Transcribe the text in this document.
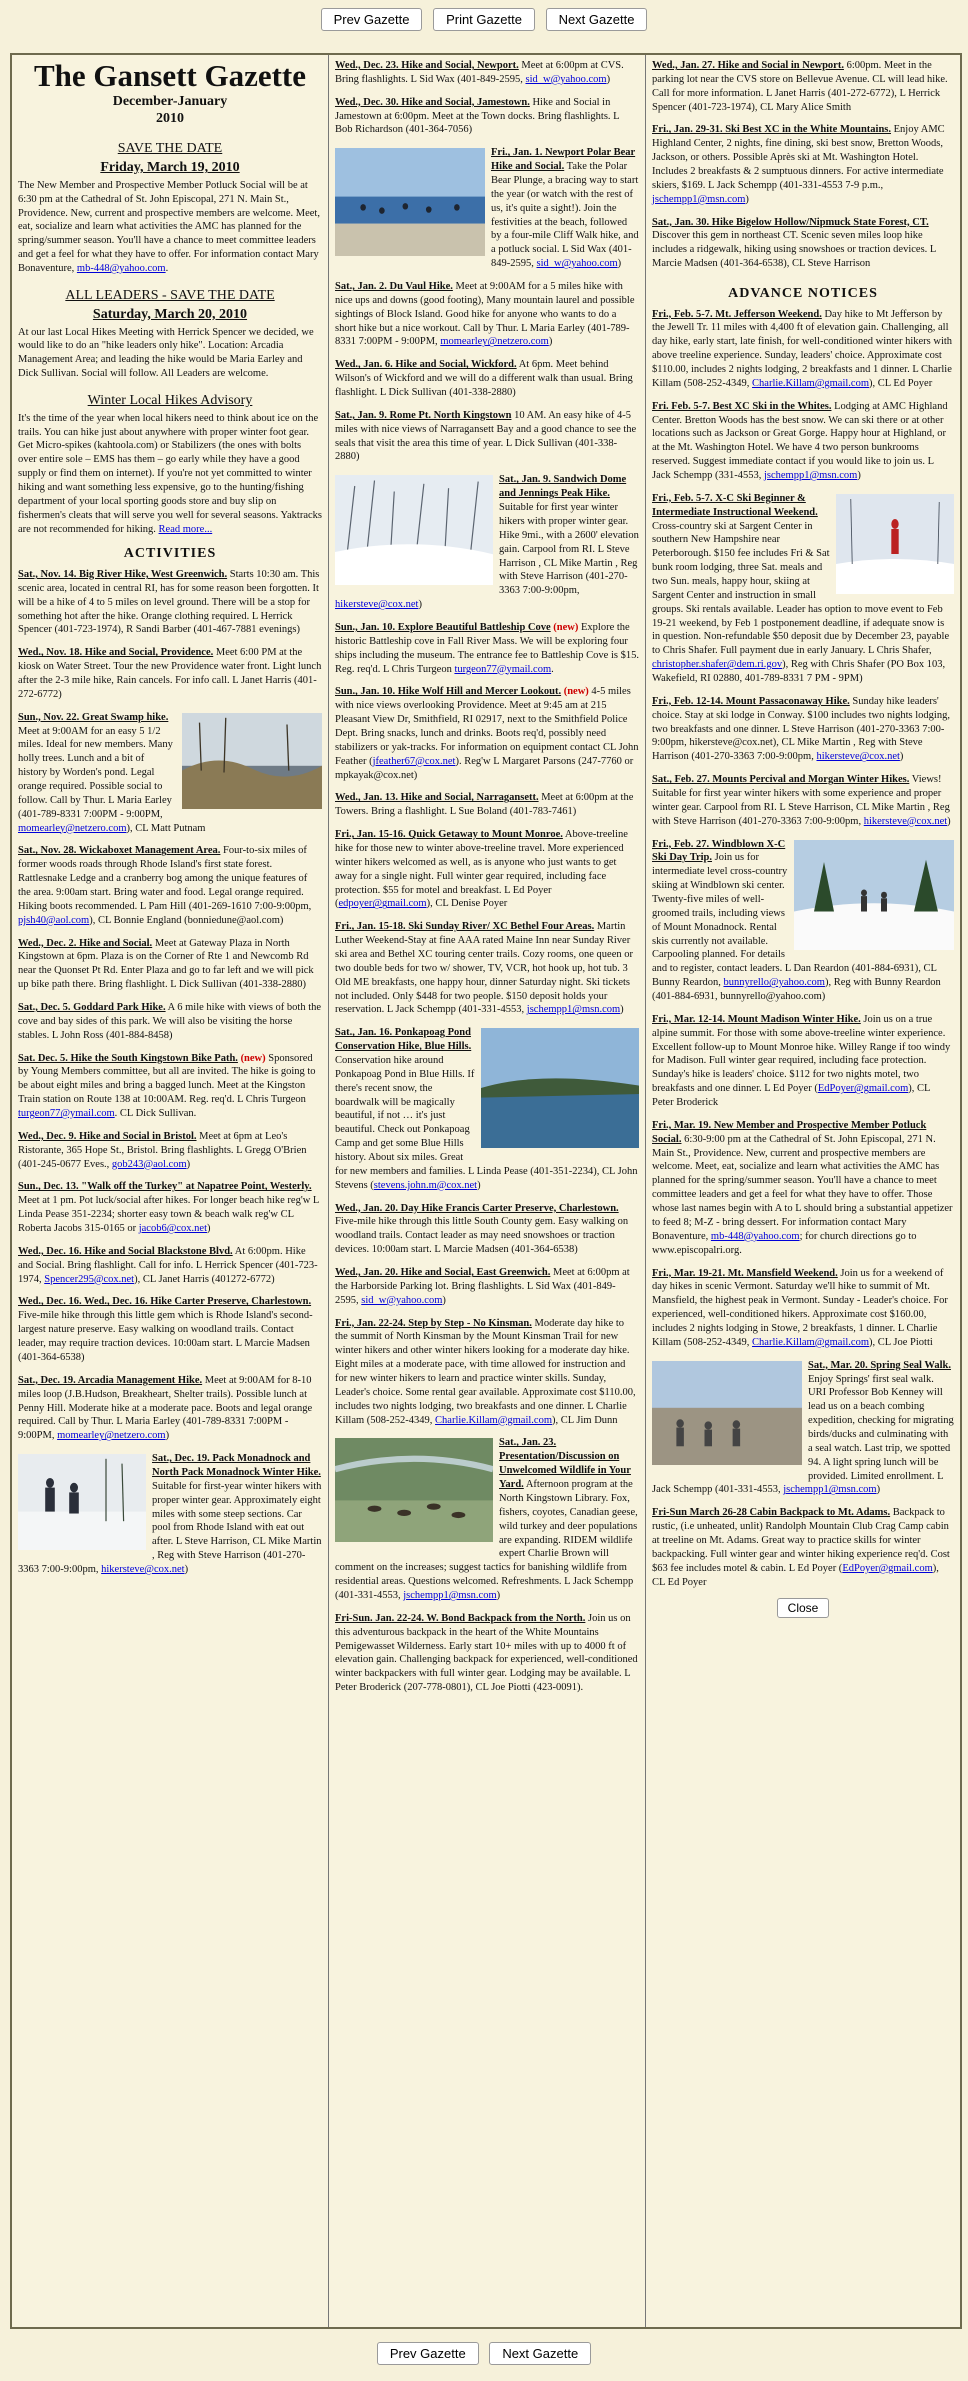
Prev Gazette	Print Gazette	Next Gazette
The Gansett Gazette
December-January
2010
SAVE THE DATE
Friday, March 19, 2010

The New Member and Prospective Member Potluck Social will be at 6:30 pm at the Cathedral of St. John Episcopal, 271 N. Main St., Providence. New, current and prospective members are welcome. Meet, eat, socialize and learn what activities the AMC has planned for the spring/summer season. You'll have a chance to meet committee leaders and get a feel for what they have to offer. For information contact Mary Bonaventure, mb-448@yahoo.com.

ALL LEADERS - SAVE THE DATE
Saturday, March 20, 2010

At our last Local Hikes Meeting with Herrick Spencer we decided, we would like to do an "hike leaders only hike". Location: Arcadia Management Area; and leading the hike would be Maria Earley and Dick Sullivan. Social will follow. All Leaders are welcome.

Winter Local Hikes Advisory

It's the time of the year when local hikers need to think about ice on the trails. You can hike just about anywhere with proper winter foot gear. Get Micro-spikes (kahtoola.com) or Stabilizers (the ones with bolts over entire sole – EMS has them – go early while they have a good supply or find them on internet). If you're not yet committed to winter hiking and want something less expensive, go to the hunting/fishing department of your local sporting goods store and buy slip on fishermen's cleats that will serve you well for several seasons. Yaktracks are not recommended for hiking. Read more...

ACTIVITIES
Sat., Nov. 14. Big River Hike, West Greenwich. Starts 10:30 am. This scenic area, located in central RI, has for some reason been forgotten. It will be a hike of 4 to 5 miles on level ground. There will be a stop for something hot after the hike. Orange clothing required. L Herrick Spencer (401-723-1974), R Sandi Barber (401-467-7881 evenings)
Wed., Nov. 18. Hike and Social, Providence. Meet 6:00 PM at the kiosk on Water Street. Tour the new Providence water front. Light lunch after the 2-3 mile hike, Rain cancels. For info call. L Janet Harris (401-272-6772)
Sun., Nov. 22. Great Swamp hike. Meet at 9:00AM for an easy 5 1/2 miles. Ideal for new members. Many holly trees. Lunch and a bit of history by Worden's pond. Legal orange required. Possible social to follow. Call by Thur. L Maria Earley (401-789-8331 7:00PM - 9:00PM, momearley@netzero.com), CL Matt Putnam
Sat., Nov. 28. Wickaboxet Management Area. Four-to-six miles of former woods roads through Rhode Island's first state forest. Rattlesnake Ledge and a cranberry bog among the unique features of the area. 9:00am start. Bring water and food. Legal orange required. Hiking boots recommended. L Pam Hill (401-269-1610 7:00-9:00pm, pjsh40@aol.com), CL Bonnie England (bonniedune@aol.com)
Wed., Dec. 2. Hike and Social. Meet at Gateway Plaza in North Kingstown at 6pm. Plaza is on the Corner of Rte 1 and Newcomb Rd near the Quonset Pt Rd. Enter Plaza and go to far left and we will pick up bike path there. Bring flashlight. L Dick Sullivan (401-338-2880)
Sat., Dec. 5. Goddard Park Hike. A 6 mile hike with views of both the cove and bay sides of this park. We will also be visiting the horse stables. L John Ross (401-884-8458)
Sat. Dec. 5. Hike the South Kingstown Bike Path. (new) Sponsored by Young Members committee, but all are invited. The hike is going to be about eight miles and bring a bagged lunch. Meet at the Kingston Train station on Route 138 at 10:00AM. Reg. req'd. L Chris Turgeon turgeon77@ymail.com. CL Dick Sullivan.
Wed., Dec. 9. Hike and Social in Bristol. Meet at 6pm at Leo's Ristorante, 365 Hope St., Bristol. Bring flashlights. L Gregg O'Brien (401-245-0677 Eves., gob243@aol.com)
Sun., Dec. 13. "Walk off the Turkey" at Napatree Point, Westerly. Meet at 1 pm. Pot luck/social after hikes. For longer beach hike reg'w L Linda Pease 351-2234; shorter easy town & beach walk reg'w CL Roberta Jacobs 315-0165 or jacob6@cox.net)
Wed., Dec. 16. Hike and Social Blackstone Blvd. At 6:00pm. Hike and Social. Bring flashlight. Call for info. L Herrick Spencer (401-723-1974, Spencer295@cox.net), CL Janet Harris (401272-6772)
Wed., Dec. 16. Wed., Dec. 16. Hike Carter Preserve, Charlestown. Five-mile hike through this little gem which is Rhode Island's second-largest nature preserve. Easy walking on woodland trails. Contact leader, may require traction devices. 10:00am start. L Marcie Madsen (401-364-6538)
Sat., Dec. 19. Arcadia Management Hike. Meet at 9:00AM for 8-10 miles loop (J.B.Hudson, Breakheart, Shelter trails). Possible lunch at Penny Hill. Moderate hike at a moderate pace. Boots and legal orange required. Call by Thur. L Maria Earley (401-789-8331 7:00PM - 9:00PM, momearley@netzero.com)
Sat., Dec. 19. Pack Monadnock and North Pack Monadnock Winter Hike. Suitable for first-year winter hikers with proper winter gear. Approximately eight miles with some steep sections. Car pool from Rhode Island with eat out after. L Steve Harrison, CL Mike Martin , Reg with Steve Harrison (401-270-3363 7:00-9:00pm, hikersteve@cox.net)
Wed., Dec. 23. Hike and Social, Newport. Meet at 6:00pm at CVS. Bring flashlights. L Sid Wax (401-849-2595, sid_w@yahoo.com)
Wed., Dec. 30. Hike and Social, Jamestown. Hike and Social in Jamestown at 6:00pm. Meet at the Town docks. Bring flashlights. L Bob Richardson (401-364-7056)
Fri., Jan. 1. Newport Polar Bear Hike and Social. Take the Polar Bear Plunge, a bracing way to start the year (or watch with the rest of us, it's quite a sight!). Join the festivities at the beach, followed by a four-mile Cliff Walk hike, and a potluck social. L Sid Wax (401-849-2595, sid_w@yahoo.com)
Sat., Jan. 2. Du Vaul Hike. Meet at 9:00AM for a 5 miles hike with nice ups and downs (good footing), Many mountain laurel and possible sightings of Block Island. Good hike for anyone who wants to do a short hike but a nice workout. Call by Thur. L Maria Earley (401-789-8331 7:00PM - 9:00PM, momearley@netzero.com)
Wed., Jan. 6. Hike and Social, Wickford. At 6pm. Meet behind Wilson's of Wickford and we will do a different walk than usual. Bring flashlight. L Dick Sullivan (401-338-2880)
Sat., Jan. 9. Rome Pt. North Kingstown 10 AM. An easy hike of 4-5 miles with nice views of Narragansett Bay and a good chance to see the seals that visit the area this time of year. L Dick Sullivan (401-338-2880)
Sat., Jan. 9. Sandwich Dome and Jennings Peak Hike. Suitable for first year winter hikers with proper winter gear. Hike 9mi., with a 2600' elevation gain. Carpool from RI. L Steve Harrison , CL Mike Martin , Reg with Steve Harrison (401-270-3363 7:00-9:00pm, hikersteve@cox.net)
Sun., Jan. 10. Explore Beautiful Battleship Cove (new) Explore the historic Battleship cove in Fall River Mass. We will be exploring four ships including the museum. The entrance fee to Battleship Cove is $15. Reg. req'd. L Chris Turgeon turgeon77@ymail.com.
Sun., Jan. 10. Hike Wolf Hill and Mercer Lookout. (new) 4-5 miles with nice views overlooking Providence. Meet at 9:45 am at 215 Pleasant View Dr, Smithfield, RI 02917, next to the Smithfield Police Dept. Bring snacks, lunch and drinks. Boots req'd, possibly need stabilizers or yak-tracks. For information on equipment contact CL John Feather (jfeather67@cox.net). Reg'w L Margaret Parsons (247-7760 or mpkayak@cox.net)
Wed., Jan. 13. Hike and Social, Narragansett. Meet at 6:00pm at the Towers. Bring a flashlight. L Sue Boland (401-783-7461)
Fri., Jan. 15-16. Quick Getaway to Mount Monroe. Above-treeline hike for those new to winter above-treeline travel. More experienced winter hikers welcomed as well, as is anyone who just wants to get away for a single night. Full winter gear required, including face protection. $55 for motel and breakfast. L Ed Poyer (edpoyer@gmail.com), CL Denise Poyer
Fri., Jan. 15-18. Ski Sunday River/ XC Bethel Four Areas. Martin Luther Weekend-Stay at fine AAA rated Maine Inn near Sunday River ski area and Bethel XC touring center trails. Cozy rooms, one queen or two double beds for two w/ shower, TV, VCR, hot hook up, hot tub. 3 Old ME breakfasts, one happy hour, dinner Saturday night. Ski tickets not included. Only $448 for two people. $150 deposit holds your reservation. L Jack Schempp (401-331-4553, jschempp1@msn.com)
Sat., Jan. 16. Ponkapoag Pond Conservation Hike, Blue Hills. Conservation hike around Ponkapoag Pond in Blue Hills. If there's recent snow, the boardwalk will be magically beautiful, if not … it's just beautiful. Check out Ponkapoag Camp and get some Blue Hills history. About six miles. Great for new members and families. L Linda Pease (401-351-2234), CL John Stevens (stevens.john.m@cox.net)
Wed., Jan. 20. Day Hike Francis Carter Preserve, Charlestown. Five-mile hike through this little South County gem. Easy walking on woodland trails. Contact leader as may need snowshoes or traction devices. 10:00am start. L Marcie Madsen (401-364-6538)
Wed., Jan. 20. Hike and Social, East Greenwich. Meet at 6:00pm at the Harborside Parking lot. Bring flashlights. L Sid Wax (401-849-2595, sid_w@yahoo.com)
Fri., Jan. 22-24. Step by Step - No Kinsman. Moderate day hike to the summit of North Kinsman by the Mount Kinsman Trail for new winter hikers and other winter hikers looking for a moderate day hike. Eight miles at a moderate pace, with time allowed for instruction and for new winter hikers to learn and practice winter skills. Sunday, Leader's choice. Some rental gear available. Approximate cost $110.00, includes two nights lodging, two breakfasts and one dinner. L Charlie Killam (508-252-4349, Charlie.Killam@gmail.com), CL Jim Dunn
Sat., Jan. 23. Presentation/Discussion on Unwelcomed Wildlife in Your Yard. Afternoon program at the North Kingstown Library. Fox, fishers, coyotes, Canadian geese, wild turkey and deer populations are expanding. RIDEM wildlife expert Charlie Brown will comment on the increases; suggest tactics for banishing wildlife from residential areas. Questions welcomed. Refreshments. L Jack Schempp (401-331-4553, jschempp1@msn.com)
Fri-Sun. Jan. 22-24. W. Bond Backpack from the North. Join us on this adventurous backpack in the heart of the White Mountains Pemigewasset Wilderness. Early start 10+ miles with up to 4000 ft of elevation gain. Challenging backpack for experienced, well-conditioned winter backpackers with full winter gear. Lodging may be available. L Peter Broderick (207-778-0801), CL Joe Piotti (423-0091).
Wed., Jan. 27. Hike and Social in Newport. 6:00pm. Meet in the parking lot near the CVS store on Bellevue Avenue. CL will lead hike. Call for more information. L Janet Harris (401-272-6772), L Herrick Spencer (401-723-1974), CL Mary Alice Smith
Fri., Jan. 29-31. Ski Best XC in the White Mountains. Enjoy AMC Highland Center, 2 nights, fine dining, ski best snow, Bretton Woods, Jackson, or others. Possible Après ski at Mt. Washington Hotel. Includes 2 breakfasts & 2 sumptuous dinners. For active intermediate skiers, $169. L Jack Schempp (401-331-4553 7-9 p.m., jschempp1@msn.com)
Sat., Jan. 30. Hike Bigelow Hollow/Nipmuck State Forest, CT. Discover this gem in northeast CT. Scenic seven miles loop hike includes a ridgewalk, hiking using snowshoes or traction devices. L Marcie Madsen (401-364-6538), CL Steve Harrison
ADVANCE NOTICES
Fri., Feb. 5-7. Mt. Jefferson Weekend. Day hike to Mt Jefferson by the Jewell Tr. 11 miles with 4,400 ft of elevation gain. Challenging, all day hike, early start, late finish, for well-conditioned winter hikers with above treeline experience. Sunday, leaders' choice. Approximate cost $110.00, includes 2 nights lodging, 2 breakfasts and 1 dinner. L Charlie Killam (508-252-4349, Charlie.Killam@gmail.com), CL Ed Poyer
Fri. Feb. 5-7. Best XC Ski in the Whites. Lodging at AMC Highland Center. Bretton Woods has the best snow. We can ski there or at other locations such as Jackson or Great Gorge. Happy hour at Highland, or at the Mt. Washington Hotel. We have 4 two person bunkrooms reserved. Suggest immediate contact if you would like to join us. L Jack Schempp (331-4553, jschempp1@msn.com)
Fri., Feb. 5-7. X-C Ski Beginner & Intermediate Instructional Weekend. Cross-country ski at Sargent Center in southern New Hampshire near Peterborough. $150 fee includes Fri & Sat bunk room lodging, three Sat. meals and two Sun. meals, happy hour, skiing at Sargent Center and instruction in small groups. Ski rentals available. Leader has option to move event to Feb 19-21 weekend, by Feb 1 postponement deadline, if adequate snow is in question. Non-refundable $50 deposit due by December 23, payable to Chris Shafer. Full payment due in early January. L Chris Shafer, christopher.shafer@dem.ri.gov), Reg with Chris Shafer (PO Box 103, Wakefield, RI 02880, 401-789-8331 7 PM - 9PM)
Fri., Feb. 12-14. Mount Passaconaway Hike. Sunday hike leaders' choice. Stay at ski lodge in Conway. $100 includes two nights lodging, two breakfasts and one dinner. L Steve Harrison (401-270-3363 7:00-9:00pm, hikersteve@cox.net), CL Mike Martin , Reg with Steve Harrison (401-270-3363 7:00-9:00pm, hikersteve@cox.net)
Sat., Feb. 27. Mounts Percival and Morgan Winter Hikes. Views! Suitable for first year winter hikers with some experience and proper winter gear. Carpool from RI. L Steve Harrison, CL Mike Martin , Reg with Steve Harrison (401-270-3363 7:00-9:00pm, hikersteve@cox.net)
Fri., Feb. 27. Windblown X-C Ski Day Trip. Join us for intermediate level cross-country skiing at Windblown ski center. Twenty-five miles of well-groomed trails, including views of Mount Monadnock. Rental skis currently not available. Carpooling planned. For details and to register, contact leaders. L Dan Reardon (401-884-6931), CL Bunny Reardon, bunnyrello@yahoo.com), Reg with Bunny Reardon (401-884-6931, bunnyrello@yahoo.com)
Fri., Mar. 12-14. Mount Madison Winter Hike. Join us on a true alpine summit. For those with some above-treeline winter experience. Excellent follow-up to Mount Monroe hike. Willey Range if too windy for Madison. Full winter gear required, including face protection. Sunday's hike is leaders' choice. $112 for two nights motel, two breakfasts and one dinner. L Ed Poyer (EdPoyer@gmail.com), CL Peter Broderick
Fri., Mar. 19. New Member and Prospective Member Potluck Social. 6:30-9:00 pm at the Cathedral of St. John Episcopal, 271 N. Main St., Providence. New, current and prospective members are welcome. Meet, eat, socialize and learn what activities the AMC has planned for the spring/summer season. You'll have a chance to meet committee leaders and get a feel for what they have to offer. Those whose last names begin with A to L should bring a substantial appetizer to feed 8; M-Z - bring dessert. For information contact Mary Bonaventure, mb-448@yahoo.com; for church directions go to www.episcopalri.org.
Fri., Mar. 19-21. Mt. Mansfield Weekend. Join us for a weekend of day hikes in scenic Vermont. Saturday we'll hike to summit of Mt. Mansfield, the highest peak in Vermont. Sunday - Leader's choice. For experienced, well-conditioned hikers. Approximate cost $160.00, includes 2 nights lodging in Stowe, 2 breakfasts, 1 dinner. L Charlie Killam (508-252-4349, Charlie.Killam@gmail.com), CL Joe Piotti
Sat., Mar. 20. Spring Seal Walk. Enjoy Springs' first seal walk. URI Professor Bob Kenney will lead us on a beach combing expedition, checking for migrating birds/ducks and culminating with a seal watch. Last trip, we spotted 94. A light spring lunch will be provided. Limited enrollment. L Jack Schempp (401-331-4553, jschempp1@msn.com)
Fri-Sun March 26-28 Cabin Backpack to Mt. Adams. Backpack to rustic, (i.e unheated, unlit) Randolph Mountain Club Crag Camp cabin at treeline on Mt. Adams. Great way to practice skills for winter backpacking. Full winter gear and winter hiking experience req'd. Cost $63 fee includes motel & cabin. L Ed Poyer (EdPoyer@gmail.com), CL Ed Poyer
Close
Prev Gazette	Next Gazette
